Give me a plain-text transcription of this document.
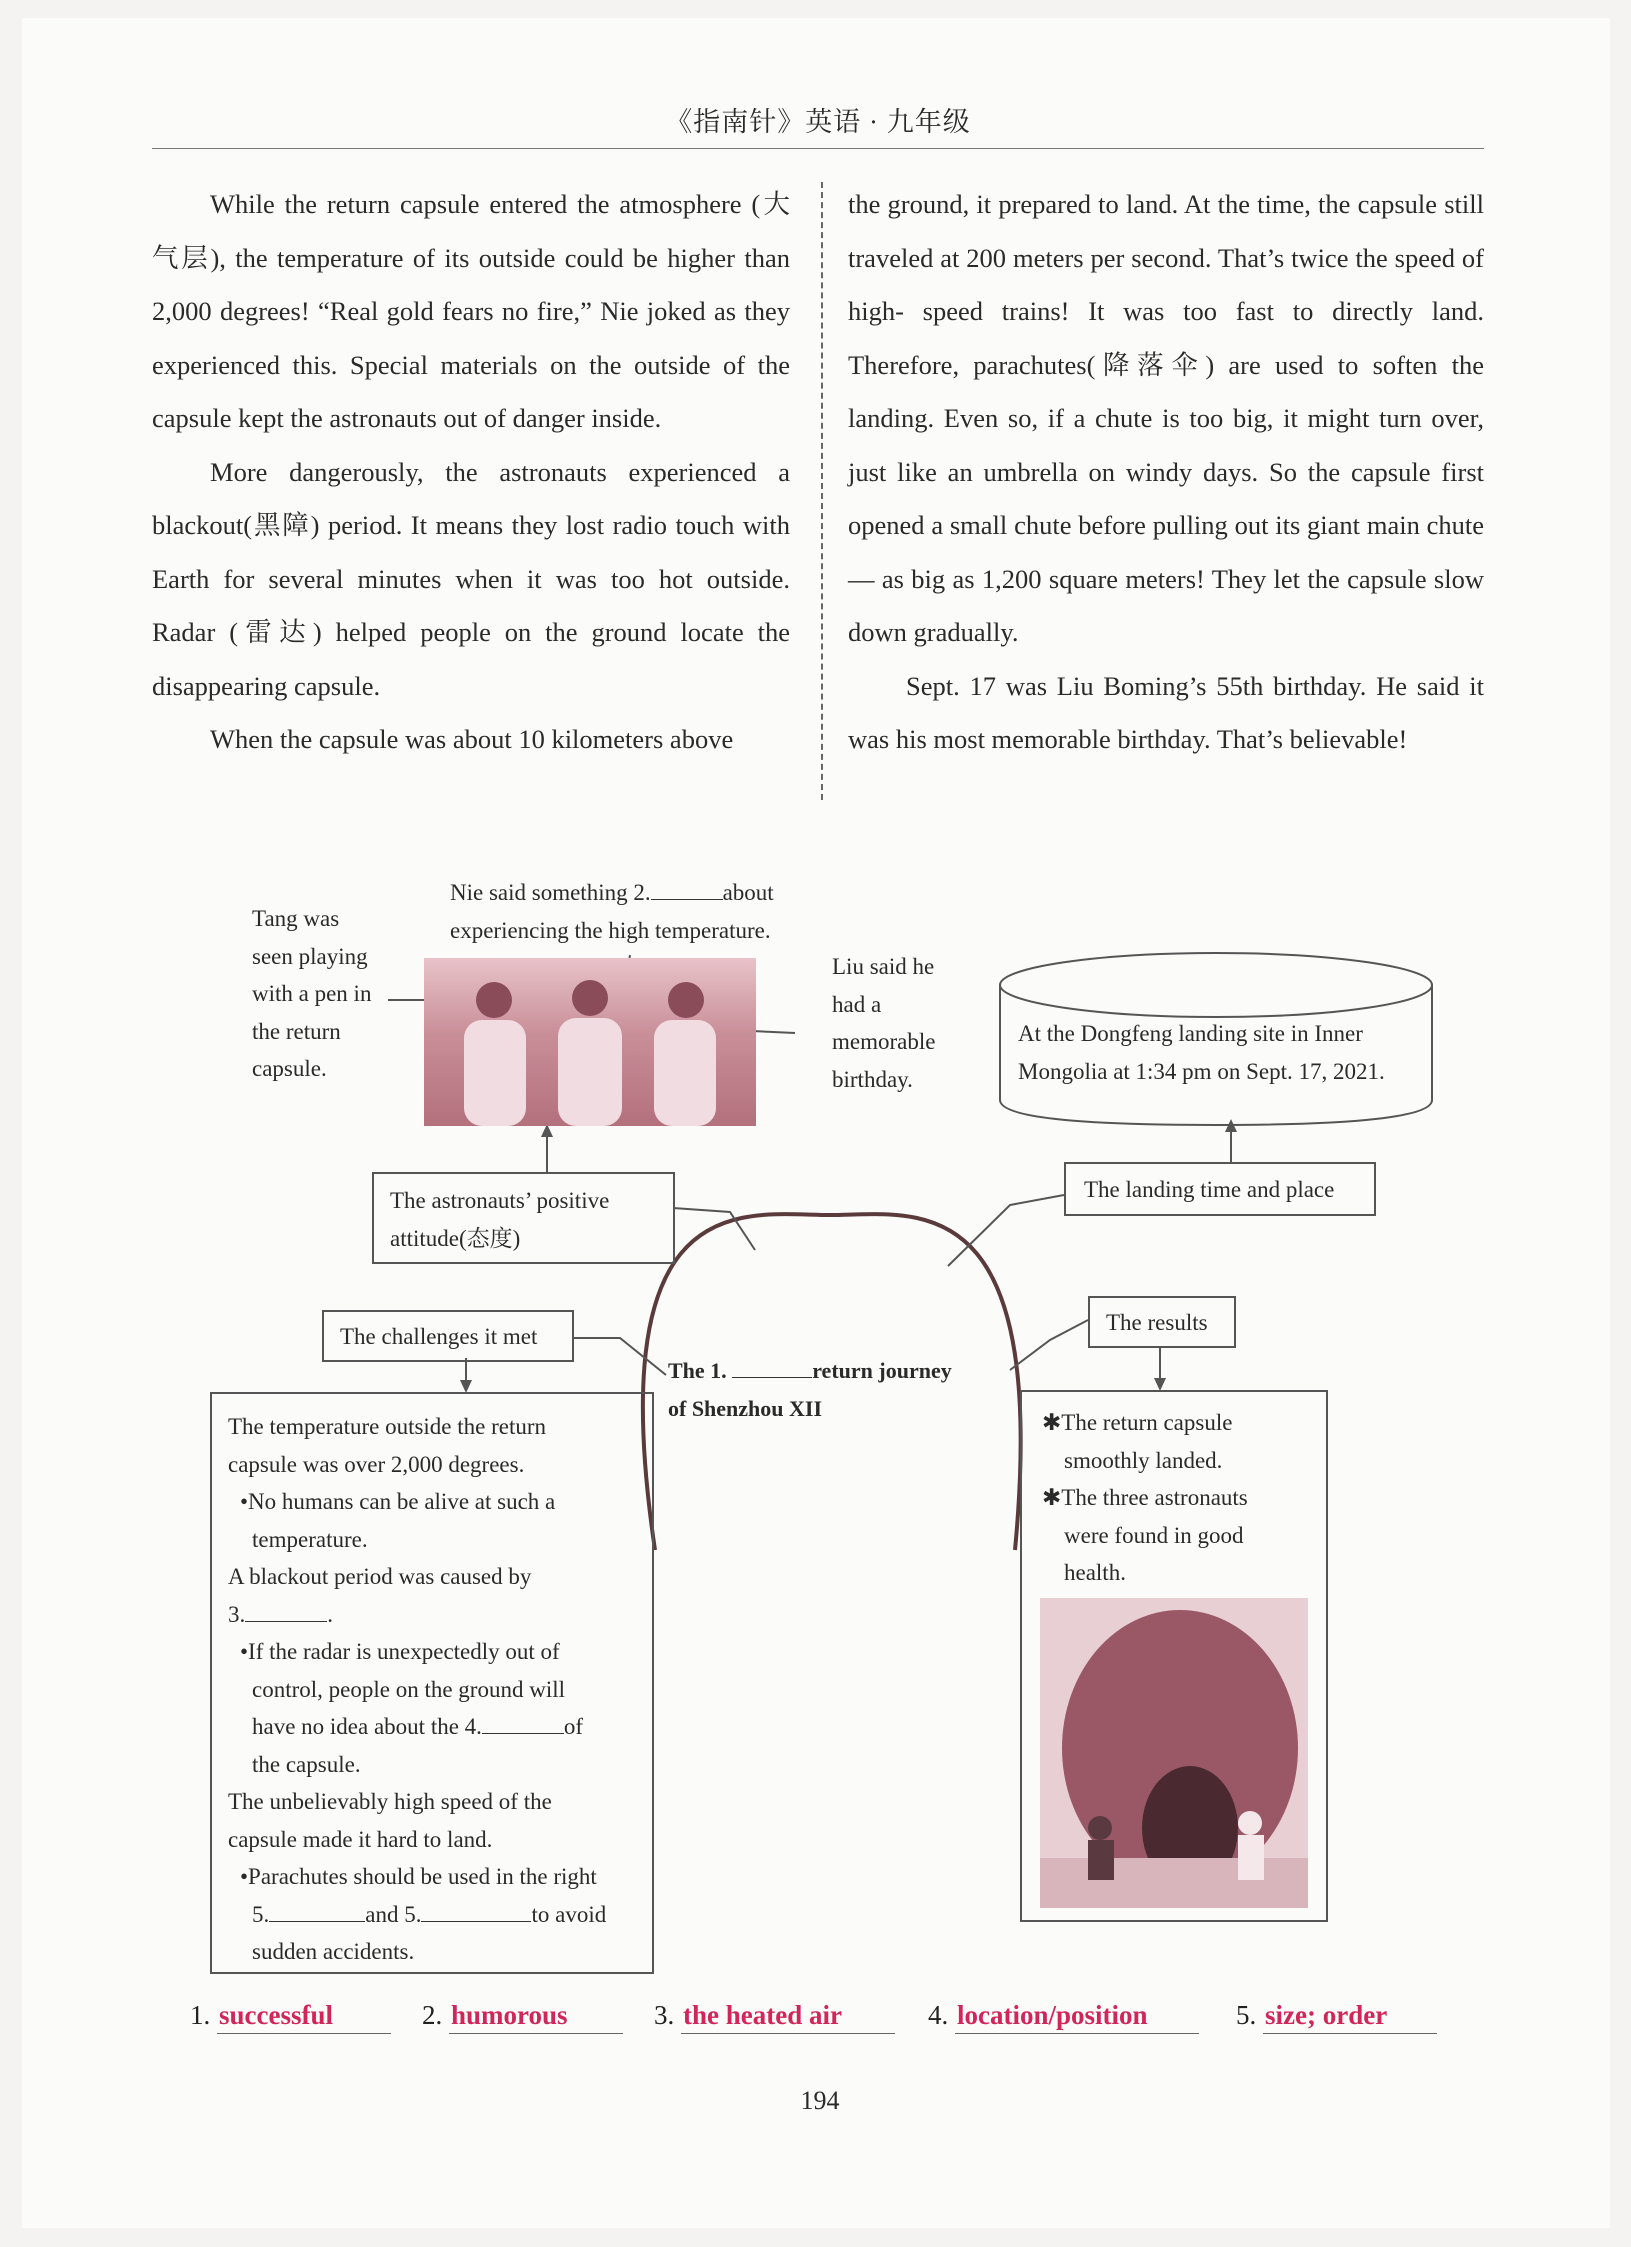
《指南针》英语 · 九年级

While the return capsule entered the atmosphere (大气层), the temperature of its outside could be higher than 2,000 degrees! “Real gold fears no fire,” Nie joked as they experienced this. Special materials on the outside of the capsule kept the astronauts out of danger inside.

More dangerously, the astronauts experienced a blackout(黑障) period. It means they lost radio touch with Earth for several minutes when it was too hot outside. Radar (雷达) helped people on the ground locate the disappearing capsule.

When the capsule was about 10 kilometers above

the ground, it prepared to land. At the time, the capsule still traveled at 200 meters per second. That’s twice the speed of high- speed trains! It was too fast to directly land. Therefore, parachutes(降落伞) are used to soften the landing. Even so, if a chute is too big, it might turn over, just like an umbrella on windy days. So the capsule first opened a small chute before pulling out its giant main chute — as big as 1,200 square meters! They let the capsule slow down gradually.

Sept. 17 was Liu Boming’s 55th birthday. He said it was his most memorable birthday. That’s believable!

Nie said something 2.	about
experiencing the high temperature.
Tang was
seen playing
with a pen in
the return
capsule.
Liu said he
had a
memorable
birthday.
At the Dongfeng landing site in Inner
Mongolia at 1:34 pm on Sept. 17, 2021.
The astronauts’ positive
attitude(态度)
The landing time and place
The challenges it met
The results
The 1.	return journey
of Shenzhou XII
The temperature outside the return
capsule was over 2,000 degrees.
•No humans can be alive at such a
temperature.
A blackout period was caused by
3.	.
•If the radar is unexpectedly out of
control, people on the ground will
have no idea about the 4.	of
the capsule.
The unbelievably high speed of the
capsule made it hard to land.
•Parachutes should be used in the right
5.	and 5.	to avoid
sudden accidents.
✱The return capsule
smoothly landed.
✱The three astronauts
were found in good
health.
1. successful	2. humorous	3. the heated air	4. location/position	5. size; order
194
